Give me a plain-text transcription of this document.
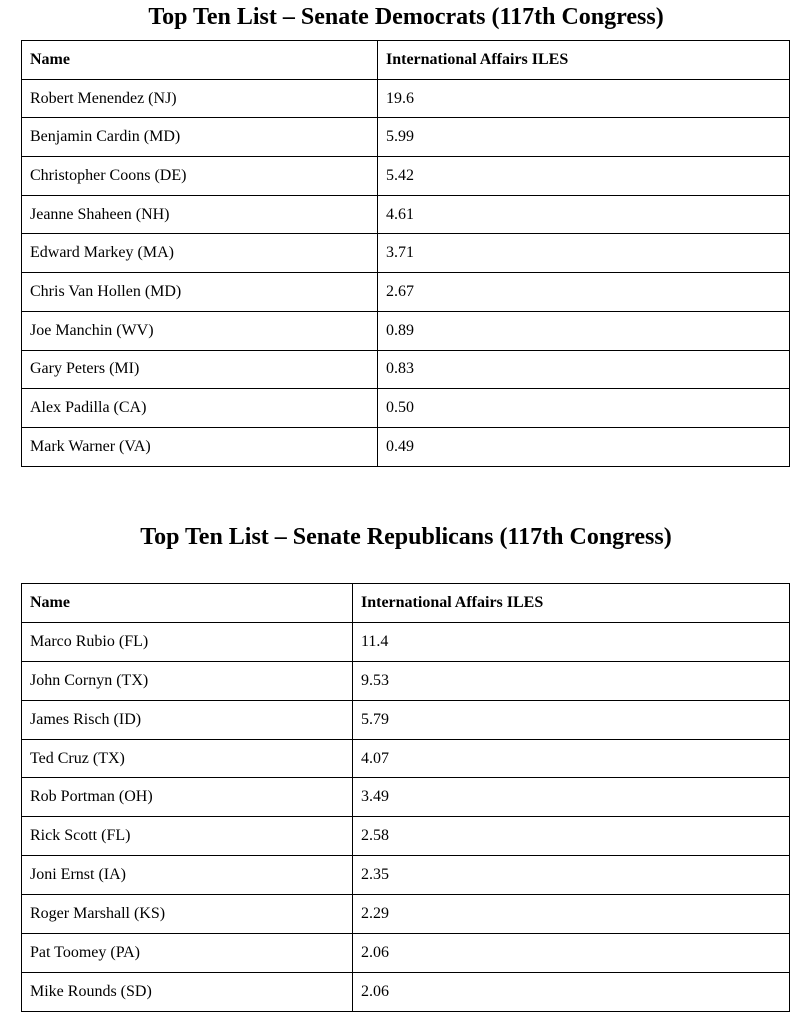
Top Ten List – Senate Democrats (117th Congress)
Name	International Affairs ILES
Robert Menendez (NJ)	19.6
Benjamin Cardin (MD)	5.99
Christopher Coons (DE)	5.42
Jeanne Shaheen (NH)	4.61
Edward Markey (MA)	3.71
Chris Van Hollen (MD)	2.67
Joe Manchin (WV)	0.89
Gary Peters (MI)	0.83
Alex Padilla (CA)	0.50
Mark Warner (VA)	0.49
Top Ten List – Senate Republicans (117th Congress)
Name	International Affairs ILES
Marco Rubio (FL)	11.4
John Cornyn (TX)	9.53
James Risch (ID)	5.79
Ted Cruz (TX)	4.07
Rob Portman (OH)	3.49
Rick Scott (FL)	2.58
Joni Ernst (IA)	2.35
Roger Marshall (KS)	2.29
Pat Toomey (PA)	2.06
Mike Rounds (SD)	2.06
